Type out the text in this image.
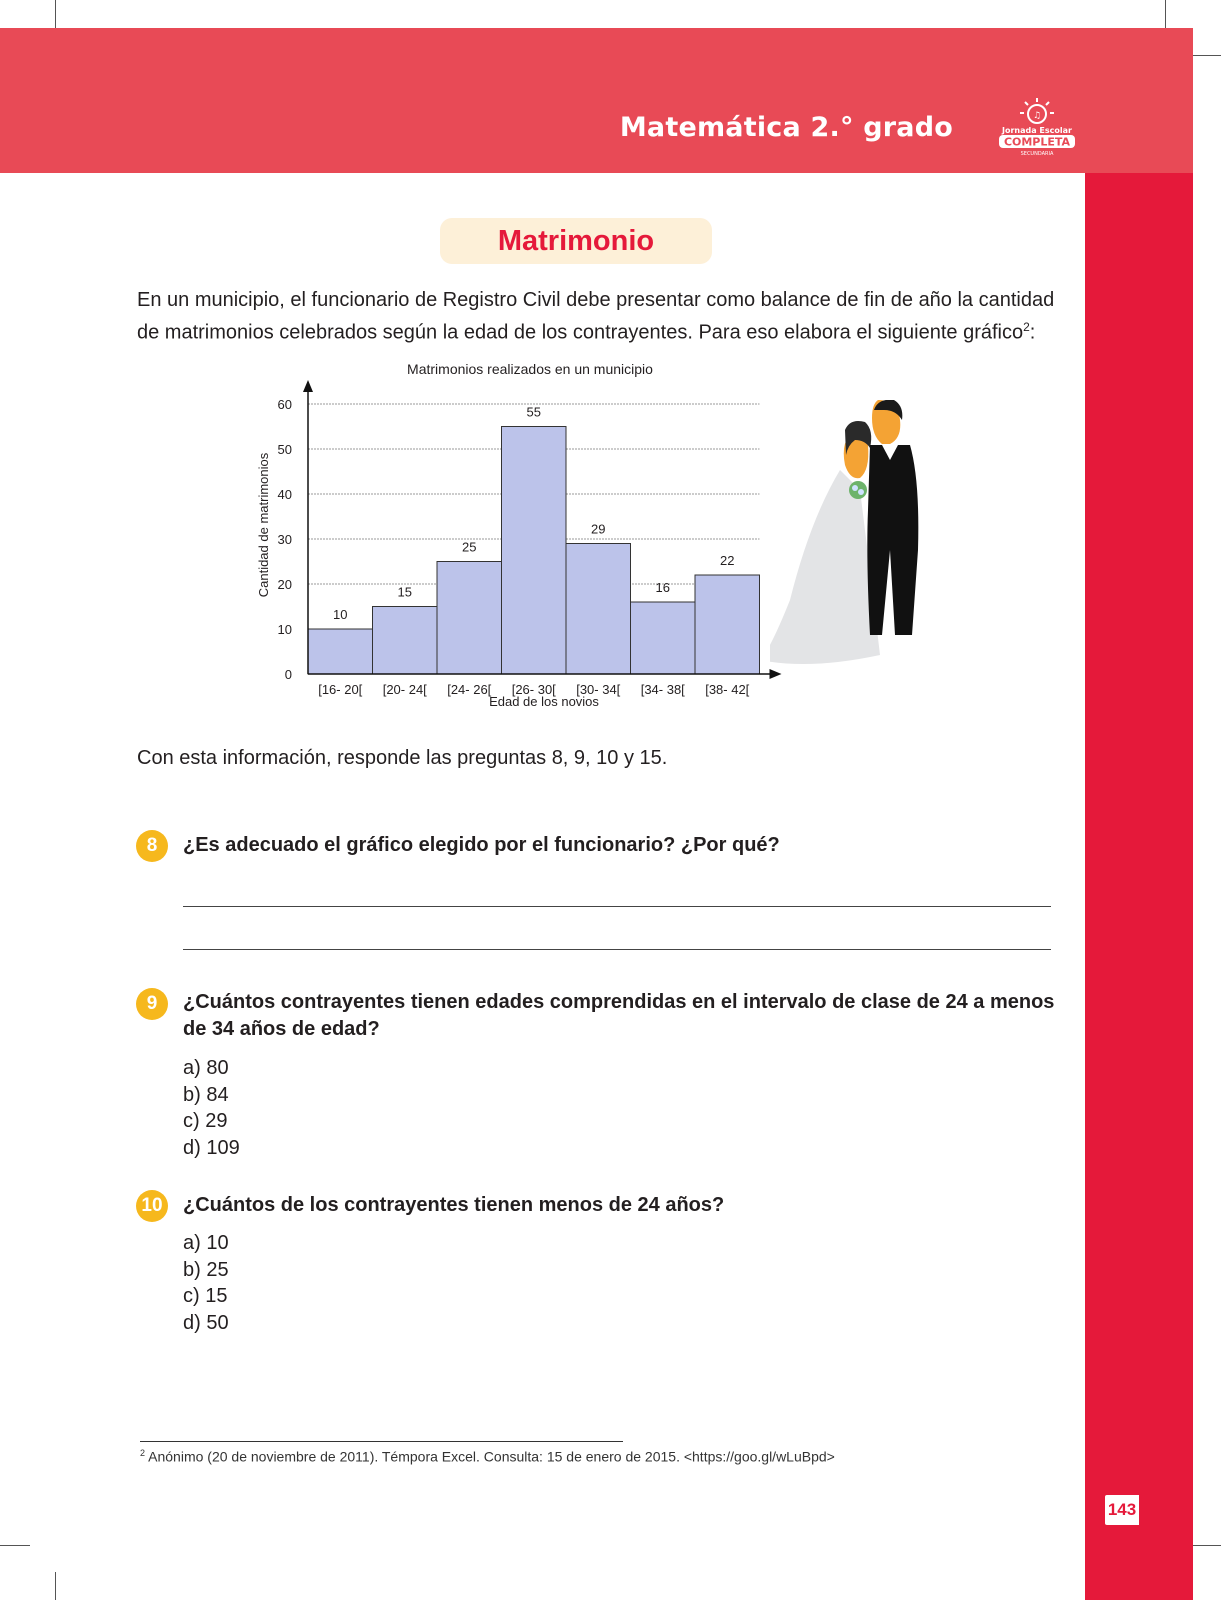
Matemática 2.° grado	♫
Jornada Escolar
COMPLETA
SECUNDARIA
143
Matrimonio
En un municipio, el funcionario de Registro Civil debe presentar como balance de fin de año la cantidad de matrimonios celebrados según la edad de los contrayentes. Para eso elabora el siguiente gráfico$^2$:
Matrimonios realizados en un municipio
0
10
20
30
40
50
60
10
[16- 20[
15
[20- 24[
25
[24- 26[
55
[26- 30[
29
[30- 34[
16
[34- 38[
22
[38- 42[
Edad de los novios
Cantidad de matrimonios
Con esta información, responde las preguntas 8, 9, 10 y 15.
8	¿Es adecuado el gráfico elegido por el funcionario? ¿Por qué?
9	¿Cuántos contrayentes tienen edades comprendidas en el intervalo de clase de 24 a menos de 34 años de edad?
a) 80
b) 84
c) 29
d) 109
10 ¿Cuántos de los contrayentes tienen menos de 24 años?
a) 10
b) 25
c) 15
d) 50
$^2$ Anónimo (20 de noviembre de 2011). Témpora Excel. Consulta: 15 de enero de 2015. <https://goo.gl/wLuBpd>
